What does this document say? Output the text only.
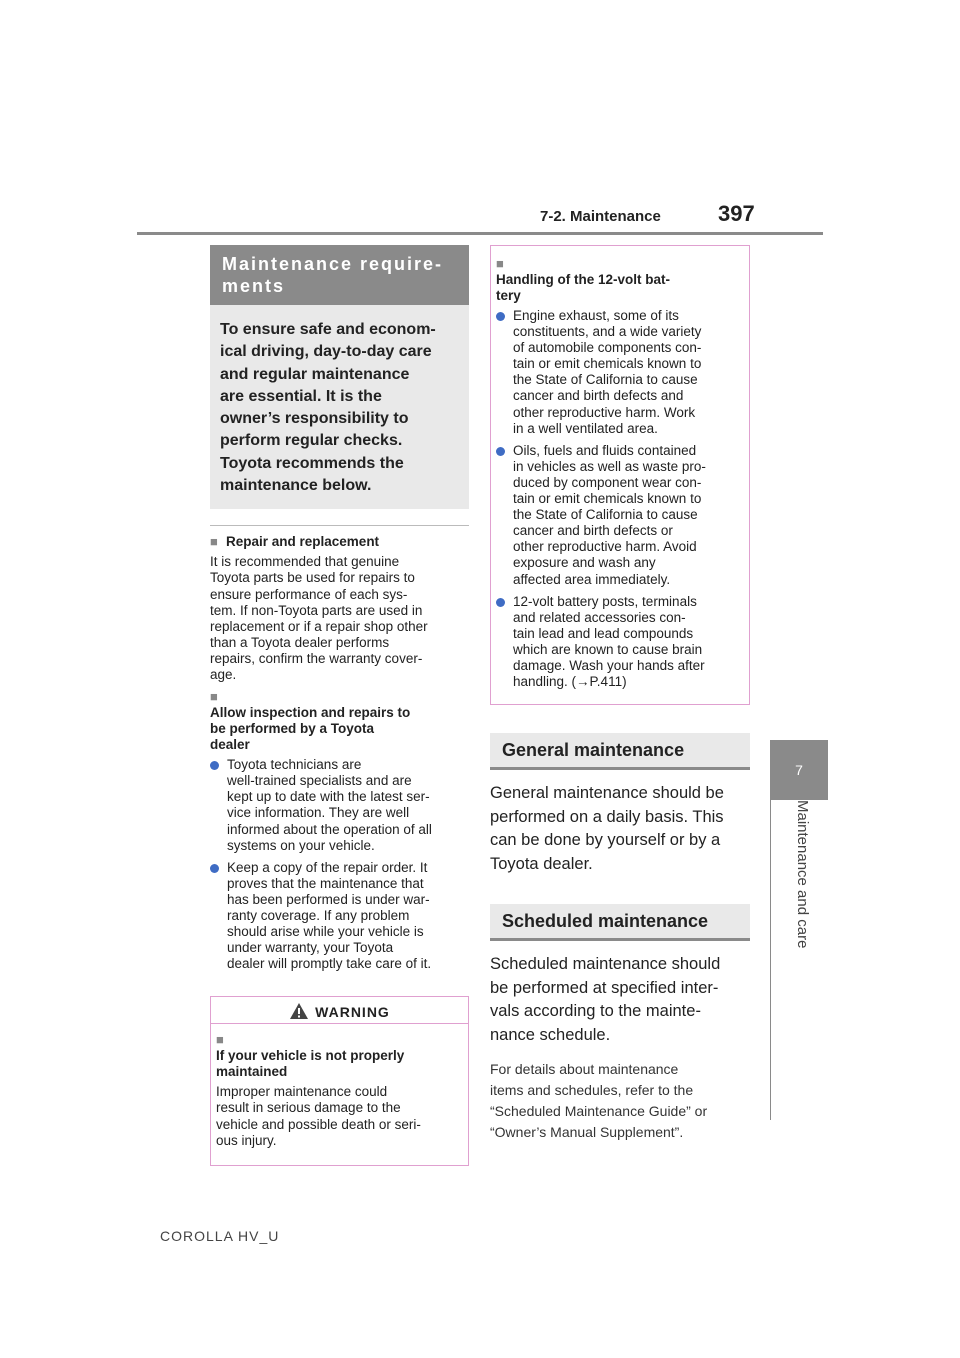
7-2. Maintenance	397
7
Maintenance and care
Maintenance require-
ments
To ensure safe and econom-
ical driving, day-to-day care
and regular maintenance
are essential. It is the
owner’s responsibility to
perform regular checks.
Toyota recommends the
maintenance below.
■ Repair and replacement
It is recommended that genuine
Toyota parts be used for repairs to
ensure performance of each sys-
tem. If non-Toyota parts are used in
replacement or if a repair shop other
than a Toyota dealer performs
repairs, confirm the warranty cover-
age.
■
Allow inspection and repairs to
be performed by a Toyota
dealer
Toyota technicians are
well-trained specialists and are
kept up to date with the latest ser-
vice information. They are well
informed about the operation of all
systems on your vehicle.
Keep a copy of the repair order. It
proves that the maintenance that
has been performed is under war-
ranty coverage. If any problem
should arise while your vehicle is
under warranty, your Toyota
dealer will promptly take care of it.
WARNING
■
If your vehicle is not properly
maintained
Improper maintenance could
result in serious damage to the
vehicle and possible death or seri-
ous injury.
■
Handling of the 12-volt bat-
tery
Engine exhaust, some of its
constituents, and a wide variety
of automobile components con-
tain or emit chemicals known to
the State of California to cause
cancer and birth defects and
other reproductive harm. Work
in a well ventilated area.
Oils, fuels and fluids contained
in vehicles as well as waste pro-
duced by component wear con-
tain or emit chemicals known to
the State of California to cause
cancer and birth defects or
other reproductive harm. Avoid
exposure and wash any
affected area immediately.
12-volt battery posts, terminals
and related accessories con-
tain lead and lead compounds
which are known to cause brain
damage. Wash your hands after
handling. (→P.411)
General maintenance
General maintenance should be
performed on a daily basis. This
can be done by yourself or by a
Toyota dealer.
Scheduled maintenance
Scheduled maintenance should
be performed at specified inter-
vals according to the mainte-
nance schedule.
For details about maintenance
items and schedules, refer to the
“Scheduled Maintenance Guide” or
“Owner’s Manual Supplement”.
COROLLA HV_U
